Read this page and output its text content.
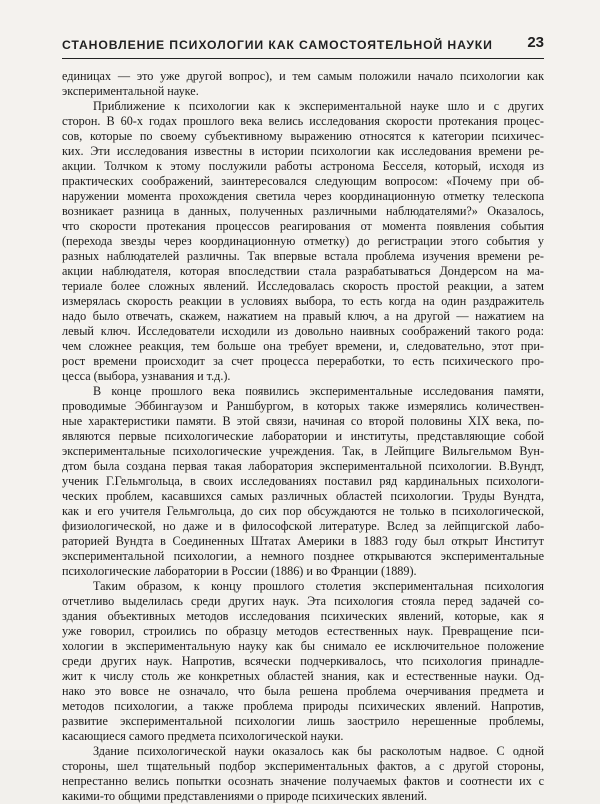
СТАНОВЛЕНИЕ ПСИХОЛОГИИ КАК САМОСТОЯТЕЛЬНОЙ НАУКИ 23
единицах — это уже другой вопрос), и тем самым положили начало психологии как
экспериментальной науке.
Приближение к психологии как к экспериментальной науке шло и с других
сторон. В 60-х годах прошлого века велись исследования скорости протекания процес-
сов, которые по своему субъективному выражению относятся к категории психичес-
ких. Эти исследования известны в истории психологии как исследования времени ре-
акции. Толчком к этому послужили работы астронома Бесселя, который, исходя из
практических соображений, заинтересовался следующим вопросом: «Почему при об-
наружении момента прохождения светила через координационную отметку телескопа
возникает разница в данных, полученных различными наблюдателями?» Оказалось,
что скорости протекания процессов реагирования от момента появления события
(перехода звезды через координационную отметку) до регистрации этого события у
разных наблюдателей различны. Так впервые встала проблема изучения времени ре-
акции наблюдателя, которая впоследствии стала разрабатываться Дондерсом на ма-
териале более сложных явлений. Исследовалась скорость простой реакции, а затем
измерялась скорость реакции в условиях выбора, то есть когда на один раздражитель
надо было отвечать, скажем, нажатием на правый ключ, а на другой — нажатием на
левый ключ. Исследователи исходили из довольно наивных соображений такого рода:
чем сложнее реакция, тем больше она требует времени, и, следовательно, этот при-
рост времени происходит за счет процесса переработки, то есть психического про-
цесса (выбора, узнавания и т.д.).
В конце прошлого века появились экспериментальные исследования памяти,
проводимые Эббингаузом и Раншбургом, в которых также измерялись количествен-
ные характеристики памяти. В этой связи, начиная со второй половины XIX века, по-
являются первые психологические лаборатории и институты, представляющие собой
экспериментальные психологические учреждения. Так, в Лейпциге Вильгельмом Вун-
дтом была создана первая такая лаборатория экспериментальной психологии. В.Вундт,
ученик Г.Гельмгольца, в своих исследованиях поставил ряд кардинальных психологи-
ческих проблем, касавшихся самых различных областей психологии. Труды Вундта,
как и его учителя Гельмгольца, до сих пор обсуждаются не только в психологической,
физиологической, но даже и в философской литературе. Вслед за лейпцигской лабо-
раторией Вундта в Соединенных Штатах Америки в 1883 году был открыт Институт
экспериментальной психологии, а немного позднее открываются экспериментальные
психологические лаборатории в России (1886) и во Франции (1889).
Таким образом, к концу прошлого столетия экспериментальная психология
отчетливо выделилась среди других наук. Эта психология стояла перед задачей со-
здания объективных методов исследования психических явлений, которые, как я
уже говорил, строились по образцу методов естественных наук. Превращение пси-
хологии в экспериментальную науку как бы снимало ее исключительное положение
среди других наук. Напротив, всячески подчеркивалось, что психология принадле-
жит к числу столь же конкретных областей знания, как и естественные науки. Од-
нако это вовсе не означало, что была решена проблема очерчивания предмета и
методов психологии, а также проблема природы психических явлений. Напротив,
развитие экспериментальной психологии лишь заострило нерешенные проблемы,
касающиеся самого предмета психологической науки.
Здание психологической науки оказалось как бы расколотым надвое. С одной
стороны, шел тщательный подбор экспериментальных фактов, а с другой стороны,
непрестанно велись попытки осознать значение получаемых фактов и соотнести их с
какими-то общими представлениями о природе психических явлений.
